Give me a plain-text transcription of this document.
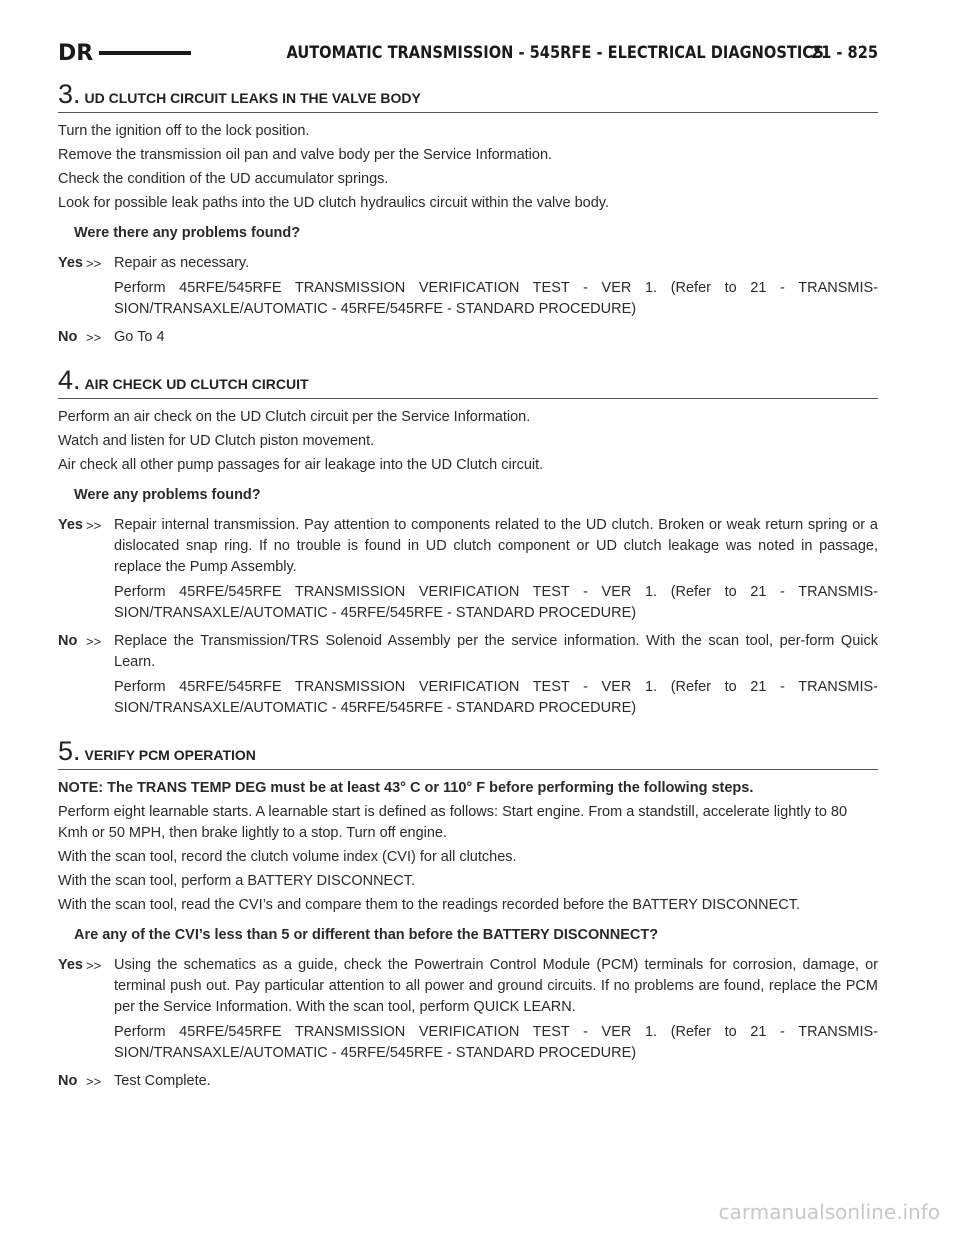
DR	AUTOMATIC TRANSMISSION - 545RFE - ELECTRICAL DIAGNOSTICS
21 - 825
3. UD CLUTCH CIRCUIT LEAKS IN THE VALVE BODY
Turn the ignition off to the lock position.
Remove the transmission oil pan and valve body per the Service Information.
Check the condition of the UD accumulator springs.
Look for possible leak paths into the UD clutch hydraulics circuit within the valve body.
Were there any problems found?
Yes >> Repair as necessary.
Perform 45RFE/545RFE TRANSMISSION VERIFICATION TEST - VER 1. (Refer to 21 - TRANSMIS-SION/TRANSAXLE/AUTOMATIC - 45RFE/545RFE - STANDARD PROCEDURE)
No >> Go To 4
4. AIR CHECK UD CLUTCH CIRCUIT
Perform an air check on the UD Clutch circuit per the Service Information.
Watch and listen for UD Clutch piston movement.
Air check all other pump passages for air leakage into the UD Clutch circuit.
Were any problems found?
Yes >> Repair internal transmission. Pay attention to components related to the UD clutch. Broken or weak return spring or a dislocated snap ring. If no trouble is found in UD clutch component or UD clutch leakage was noted in passage, replace the Pump Assembly.
Perform 45RFE/545RFE TRANSMISSION VERIFICATION TEST - VER 1. (Refer to 21 - TRANSMIS-SION/TRANSAXLE/AUTOMATIC - 45RFE/545RFE - STANDARD PROCEDURE)
No >> Replace the Transmission/TRS Solenoid Assembly per the service information. With the scan tool, per-form Quick Learn.
Perform 45RFE/545RFE TRANSMISSION VERIFICATION TEST - VER 1. (Refer to 21 - TRANSMIS-SION/TRANSAXLE/AUTOMATIC - 45RFE/545RFE - STANDARD PROCEDURE)
5. VERIFY PCM OPERATION
NOTE: The TRANS TEMP DEG must be at least 43° C or 110° F before performing the following steps.
Perform eight learnable starts. A learnable start is defined as follows: Start engine. From a standstill, accelerate lightly to 80 Kmh or 50 MPH, then brake lightly to a stop. Turn off engine.
With the scan tool, record the clutch volume index (CVI) for all clutches.
With the scan tool, perform a BATTERY DISCONNECT.
With the scan tool, read the CVI’s and compare them to the readings recorded before the BATTERY DISCONNECT.
Are any of the CVI’s less than 5 or different than before the BATTERY DISCONNECT?
Yes >> Using the schematics as a guide, check the Powertrain Control Module (PCM) terminals for corrosion, damage, or terminal push out. Pay particular attention to all power and ground circuits. If no problems are found, replace the PCM per the Service Information. With the scan tool, perform QUICK LEARN.
Perform 45RFE/545RFE TRANSMISSION VERIFICATION TEST - VER 1. (Refer to 21 - TRANSMIS-SION/TRANSAXLE/AUTOMATIC - 45RFE/545RFE - STANDARD PROCEDURE)
No >> Test Complete.
carmanualsonline.info
